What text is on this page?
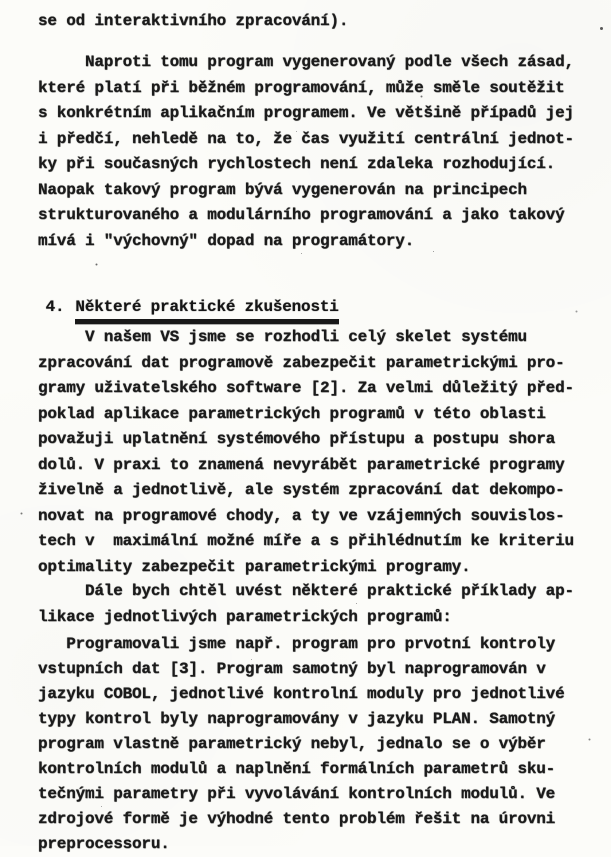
se od interaktivního zpracování).
Naproti tomu program vygenerovaný podle všech zásad,
které platí při běžném programování, může směle soutěžit
s konkrétním aplikačním programem. Ve většině případů jej
i předčí, nehledě na to, že čas využití centrální jednot-
ky při současných rychlostech není zdaleka rozhodující.
Naopak takový program bývá vygenerován na principech
strukturovaného a modulárního programování a jako takový
mívá i "výchovný" dopad na programátory.

4. Některé praktické zkušenosti

V našem VS jsme se rozhodli celý skelet systému
zpracování dat programově zabezpečit parametrickými pro-
gramy uživatelského software [2]. Za velmi důležitý před-
poklad aplikace parametrických programů v této oblasti
považuji uplatnění systémového přístupu a postupu shora
dolů. V praxi to znamená nevyrábět parametrické programy
živelně a jednotlivě, ale systém zpracování dat dekompo-
novat na programové chody, a ty ve vzájemných souvislos-
tech v  maximální možné míře a s přihlédnutím ke kriteriu
optimality zabezpečit parametrickými programy.
Dále bych chtěl uvést některé praktické příklady ap-
likace jednotlivých parametrických programů:
Programovali jsme např. program pro prvotní kontroly
vstupních dat [3]. Program samotný byl naprogramován v
jazyku COBOL, jednotlivé kontrolní moduly pro jednotlivé
typy kontrol byly naprogramovány v jazyku PLAN. Samotný
program vlastně parametrický nebyl, jednalo se o výběr
kontrolních modulů a naplnění formálních parametrů sku-
tečnými parametry při vyvolávání kontrolních modulů. Ve
zdrojové formě je výhodné tento problém řešit na úrovni
preprocessoru.
